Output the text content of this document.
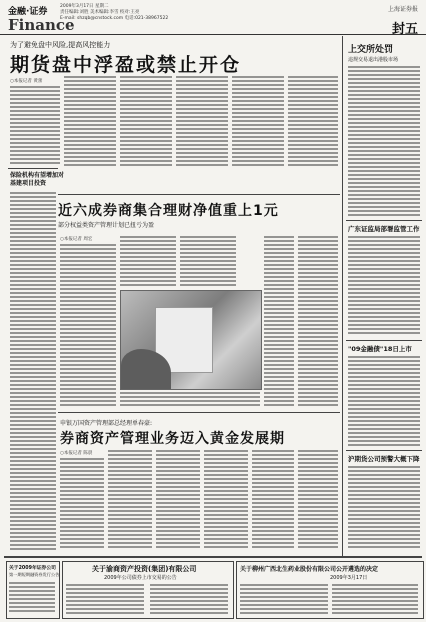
金融·证券
Finance
2009年3月17日 星期二
责任编辑:刘胜 美术编辑:李雪 校对:王亮
E-mail: shzqb@cnstock.com 电话:021-38967522
上海证券报
封五
为了避免盘中风险,提高风控能力
期货盘中浮盈或禁止开仓
○本报记者 黄蕾
保险机构有望增加对
基建项目投资
近六成券商集合理财净值重上1元
部分权益类资产管理计划已扭亏为盈
○本报记者 周宏
申银万国资产管理部总经理单春豪:
券商资产管理业务迈入黄金发展期
○本报记者 陈晨
上交所处罚
违规交易退出港股市场
广东证监局部署监管工作
"09金融债"18日上市
沪期货公司预警大概下降
关于2009年证券公司
第一期短期融资券发行公告
关于渝商资产投资(集团)有限公司
2009年公司债券上市交易的公告
关于柳州广西北生药业股份有限公司公开遴选的决定
2009年3月17日
